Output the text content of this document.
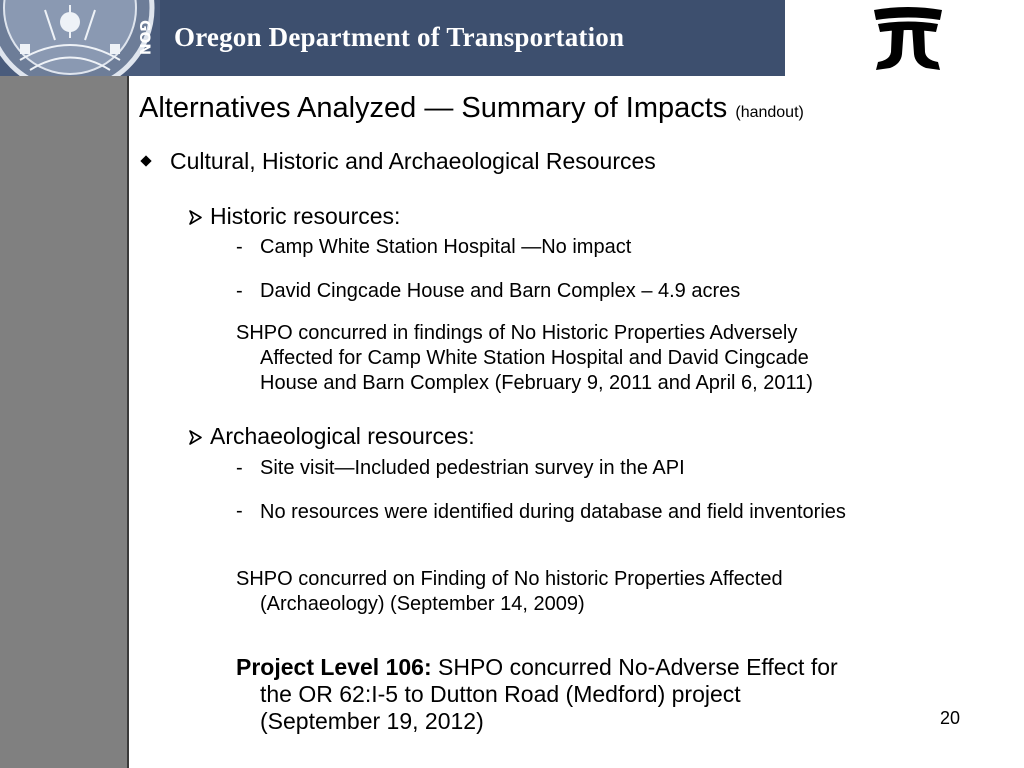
GON Oregon Department of Transportation
Alternatives Analyzed — Summary of Impacts (handout)
Cultural, Historic and Archaeological Resources
Historic resources:
- Camp White Station Hospital —No impact
- David Cingcade House and Barn Complex – 4.9 acres

SHPO concurred in findings of No Historic Properties Adversely
Affected for Camp White Station Hospital and David Cingcade
House and Barn Complex (February 9, 2011 and April 6, 2011)

Archaeological resources:
- Site visit—Included pedestrian survey in the API
- No resources were identified during database and field inventories

SHPO concurred on Finding of No historic Properties Affected
(Archaeology) (September 14, 2009)

Project Level 106: SHPO concurred No-Adverse Effect for
the OR 62:I-5 to Dutton Road (Medford) project
(September 19, 2012)	20
